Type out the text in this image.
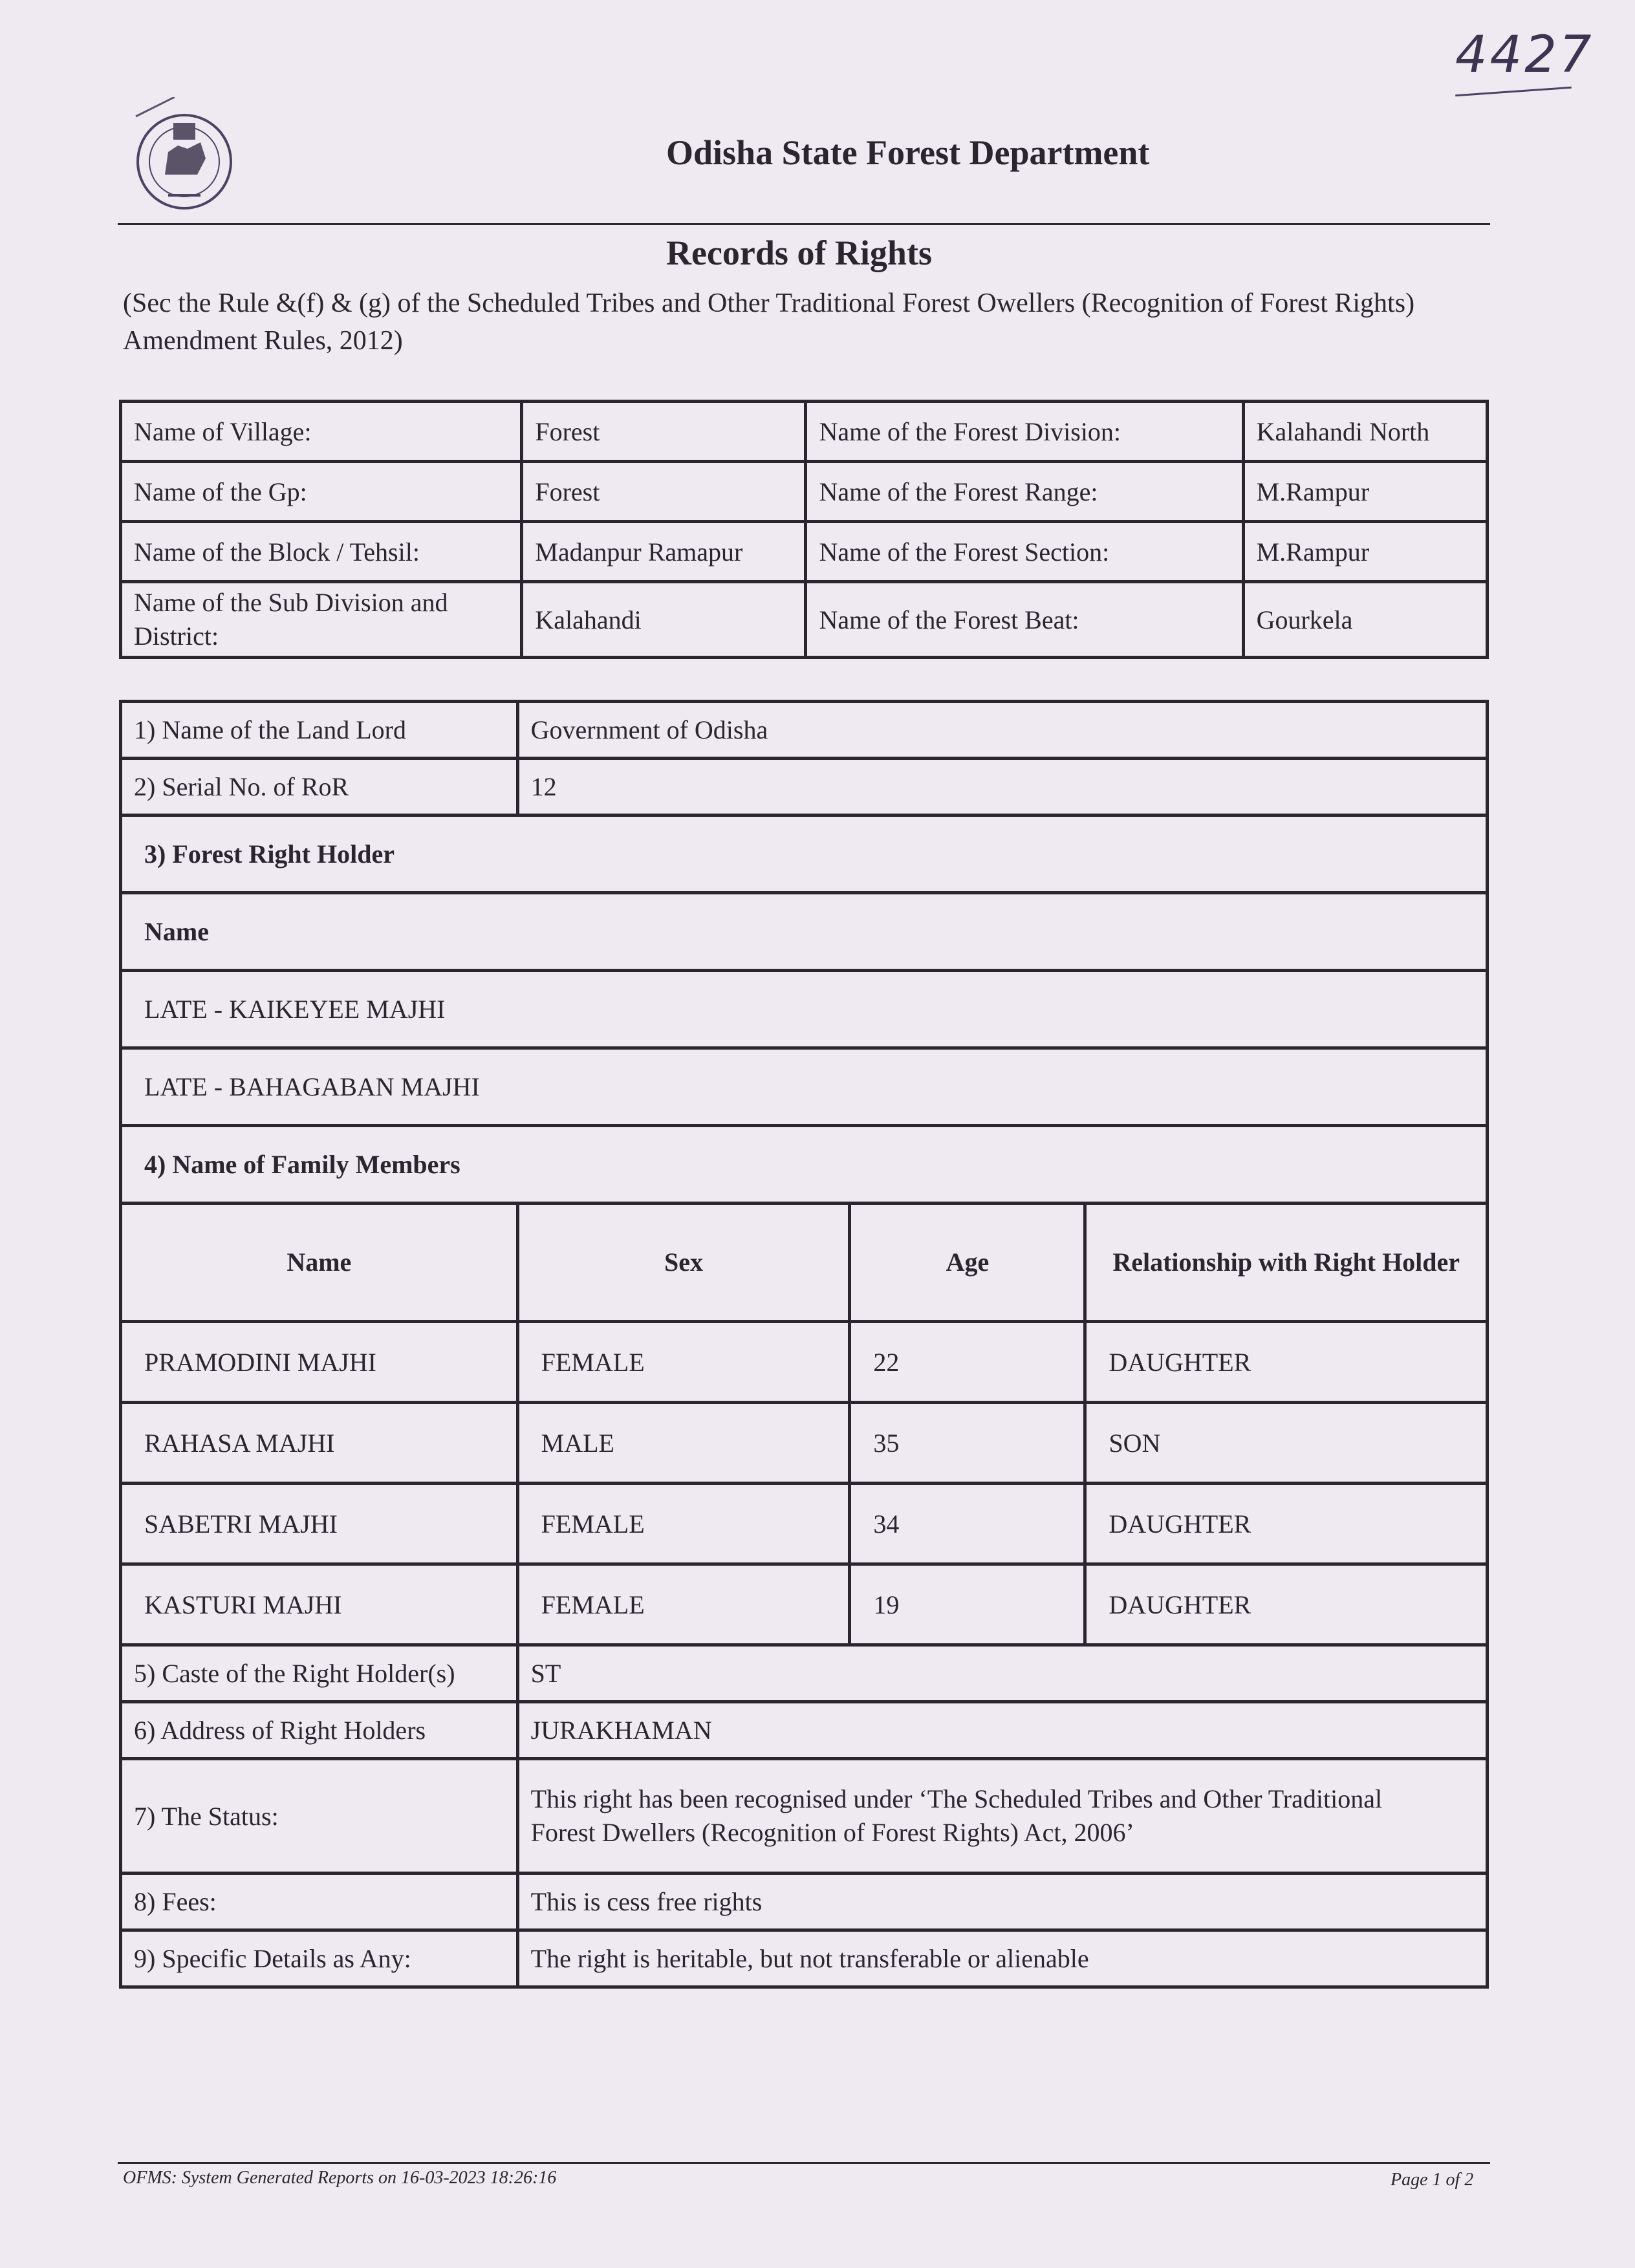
4427
Odisha State Forest Department
Records of Rights
(Sec the Rule &(f) & (g) of the Scheduled Tribes and Other Traditional Forest Owellers (Recognition of Forest Rights) Amendment Rules, 2012)
Name of Village:	Forest	Name of the Forest Division:	Kalahandi North
Name of the Gp:	Forest	Name of the Forest Range:	M.Rampur
Name of the Block / Tehsil:	Madanpur Ramapur	Name of the Forest Section:	M.Rampur
Name of the Sub Division and District:	Kalahandi	Name of the Forest Beat:	Gourkela
1) Name of the Land Lord	Government of Odisha		
2) Serial No. of RoR	12		
3) Forest Right Holder			
Name			
LATE - KAIKEYEE MAJHI			
LATE - BAHAGABAN MAJHI			
4) Name of Family Members			
Name	Sex	Age	Relationship with Right Holder
PRAMODINI MAJHI	FEMALE	22	DAUGHTER
RAHASA MAJHI	MALE	35	SON
SABETRI MAJHI	FEMALE	34	DAUGHTER
KASTURI MAJHI	FEMALE	19	DAUGHTER
5) Caste of the Right Holder(s)	ST		
6) Address of Right Holders	JURAKHAMAN		
7) The Status:	This right has been recognised under ‘The Scheduled Tribes and Other Traditional
Forest Dwellers (Recognition of Forest Rights) Act, 2006’		

8) Fees:	This is cess free rights		
9) Specific Details as Any:	The right is heritable, but not transferable or alienable		
OFMS: System Generated Reports on 16-03-2023 18:26:16	Page 1 of 2
